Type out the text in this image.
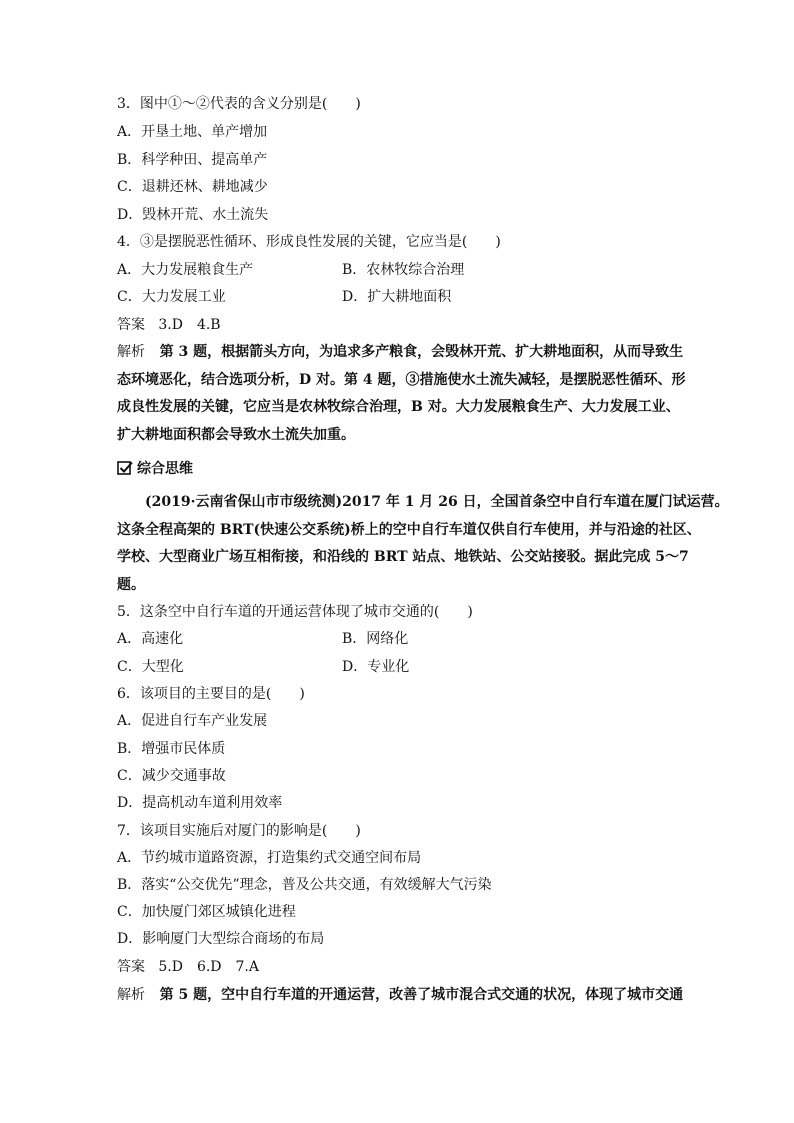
3．图中①～②代表的含义分别是(　　)
A．开垦土地、单产增加
B．科学种田、提高单产
C．退耕还林、耕地减少
D．毁林开荒、水土流失
4．③是摆脱恶性循环、形成良性发展的关键，它应当是(　　)
A．大力发展粮食生产	B．农林牧综合治理
C．大力发展工业	D．扩大耕地面积
答案 3.D　4.B
解析 第 3 题，根据箭头方向，为追求多产粮食，会毁林开荒、扩大耕地面积，从而导致生
态环境恶化，结合选项分析，D 对。第 4 题，③措施使水土流失减轻，是摆脱恶性循环、形
成良性发展的关键，它应当是农林牧综合治理，B 对。大力发展粮食生产、大力发展工业、
扩大耕地面积都会导致水土流失加重。
综合思维
(2019·云南省保山市市级统测)2017 年 1 月 26 日，全国首条空中自行车道在厦门试运营。
这条全程高架的 BRT(快速公交系统)桥上的空中自行车道仅供自行车使用，并与沿途的社区、
学校、大型商业广场互相衔接，和沿线的 BRT 站点、地铁站、公交站接驳。据此完成 5～7
题。
5．这条空中自行车道的开通运营体现了城市交通的(　　)
A．高速化	B．网络化
C．大型化	D．专业化
6．该项目的主要目的是(　　)
A．促进自行车产业发展
B．增强市民体质
C．减少交通事故
D．提高机动车道利用效率
7．该项目实施后对厦门的影响是(　　)
A．节约城市道路资源，打造集约式交通空间布局
B．落实“公交优先”理念，普及公共交通，有效缓解大气污染
C．加快厦门郊区城镇化进程
D．影响厦门大型综合商场的布局
答案 5.D　6.D　7.A
解析 第 5 题，空中自行车道的开通运营，改善了城市混合式交通的状况，体现了城市交通
